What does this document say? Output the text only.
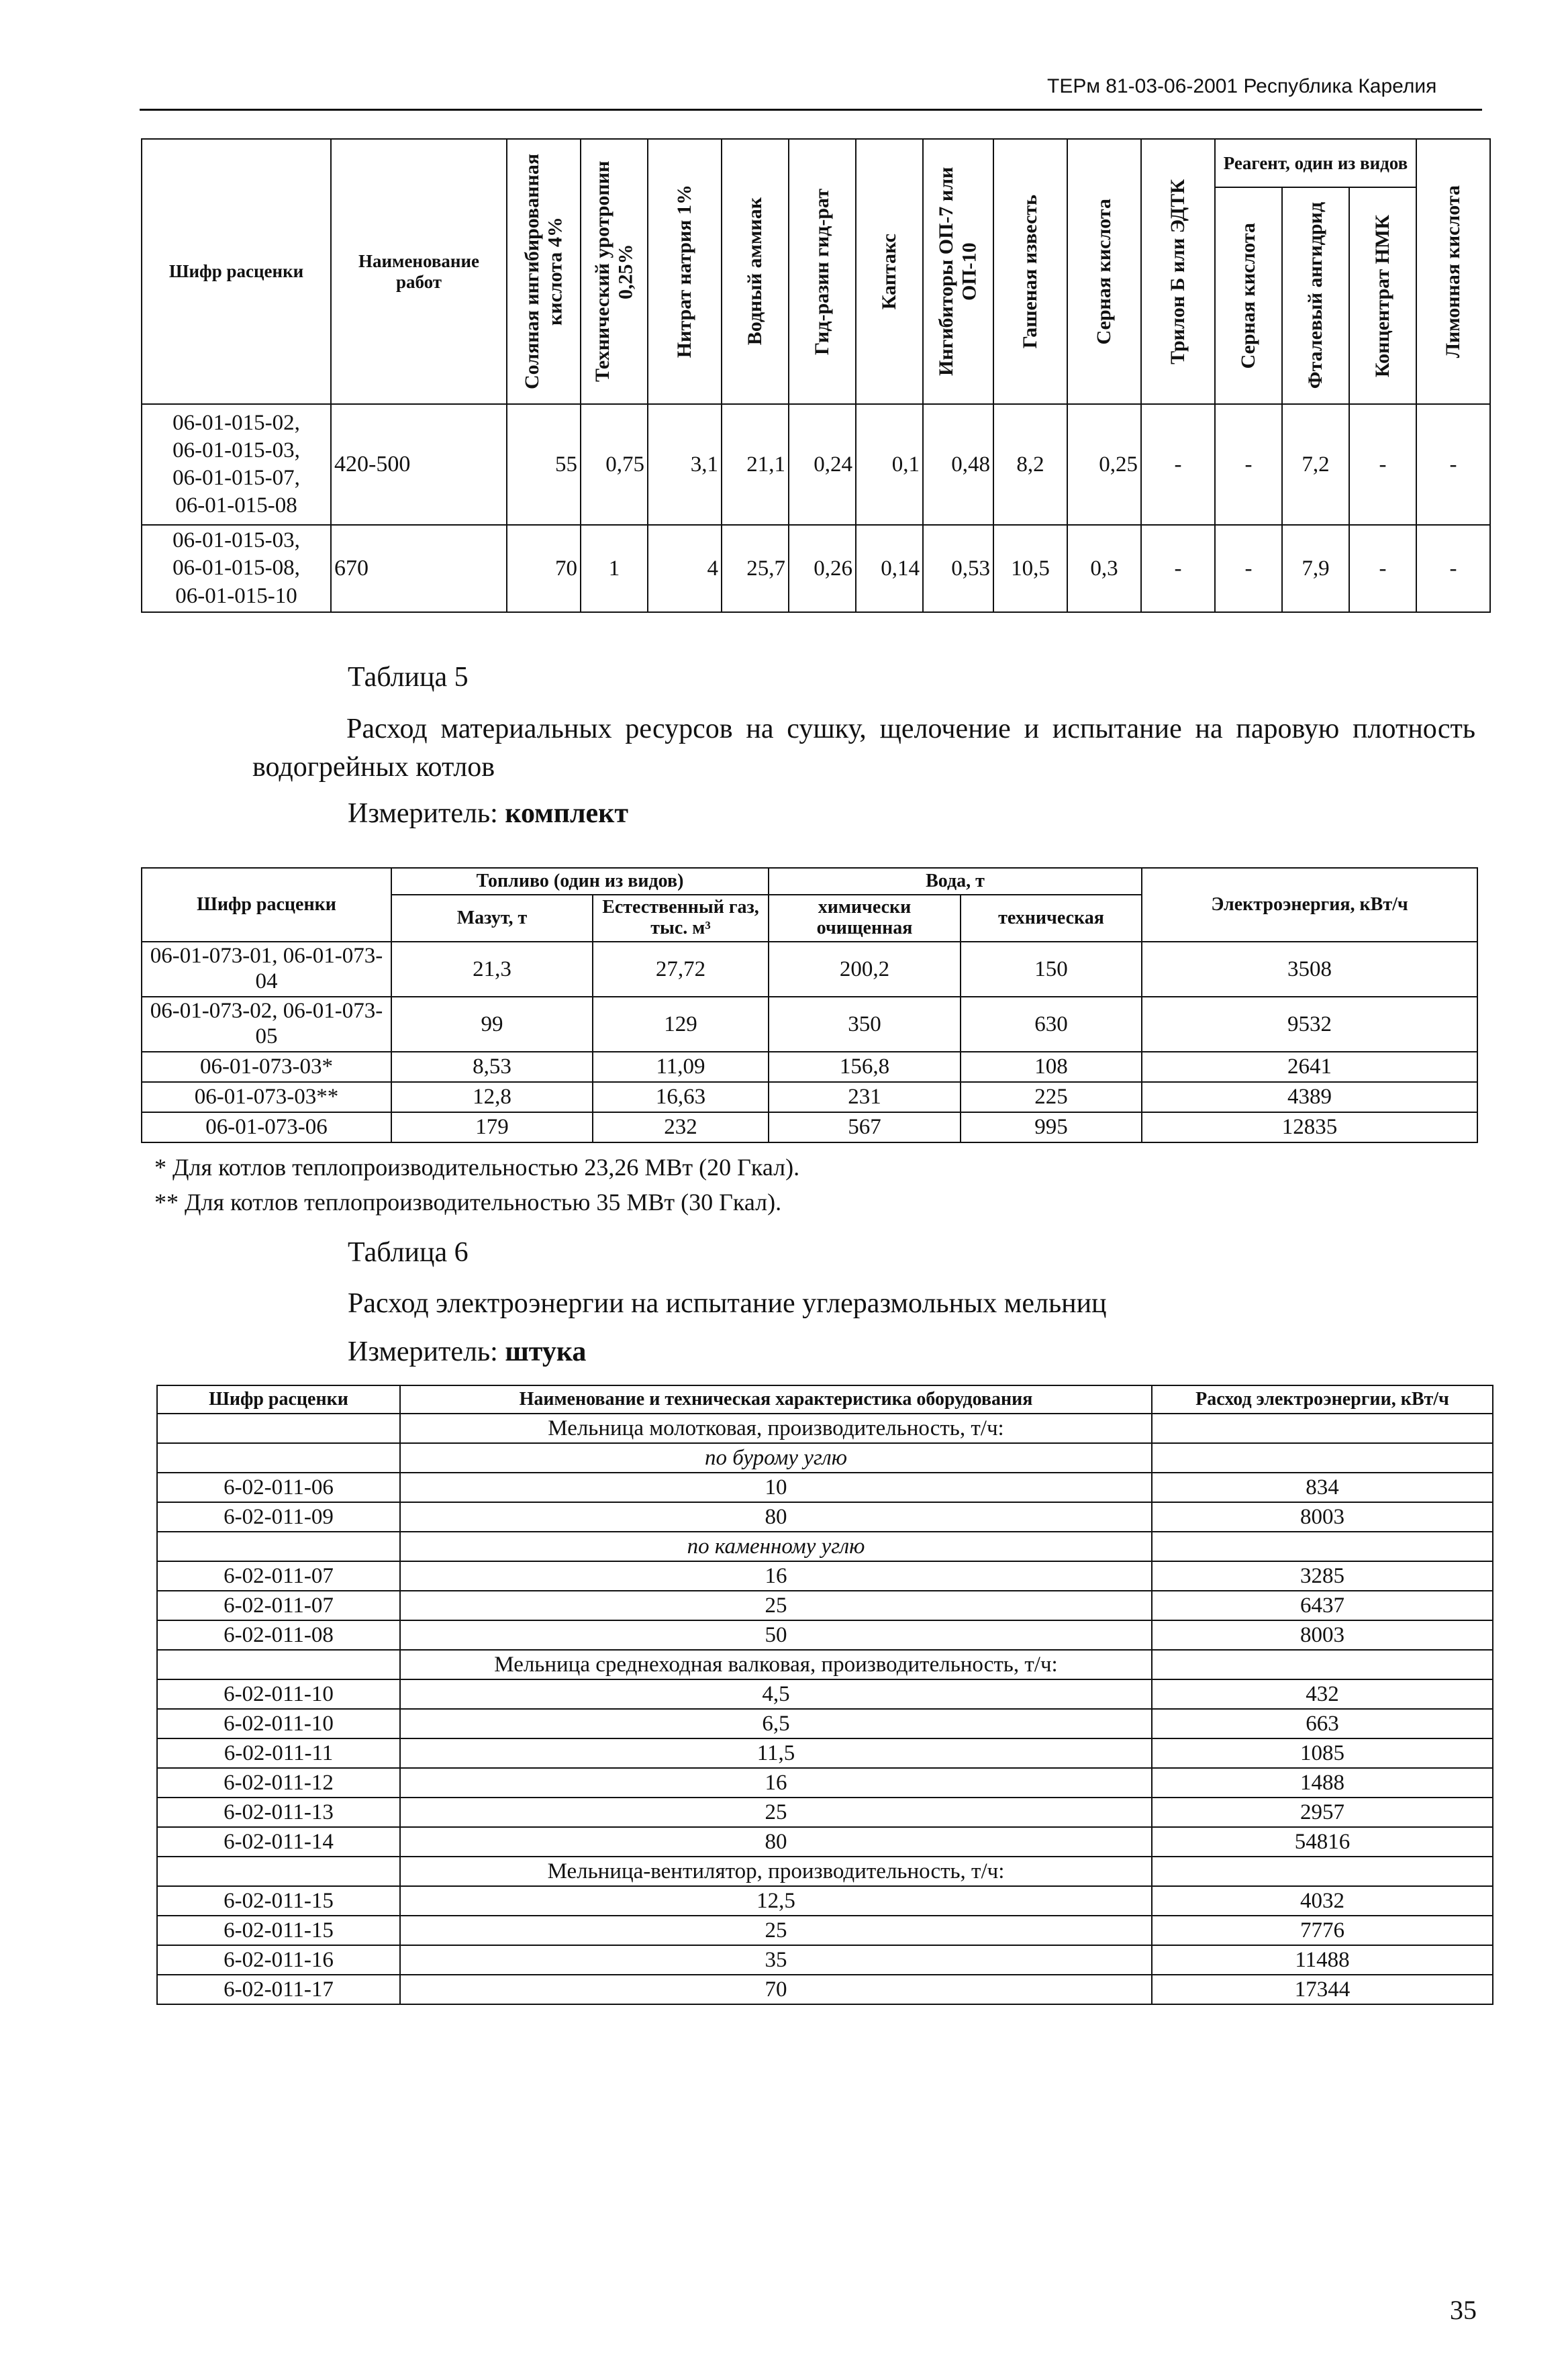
ТЕРм 81-03-06-2001 Республика Карелия
Шифр расценки	Наименование работ	Соляная ингибированная кислота 4%	Технический уротропин 0,25%	Нитрат натрия 1%	Водный аммиак	Гид-разин гид-рат	Каптакс	Ингибиторы ОП-7 или ОП-10	Гашеная известь	Серная кислота	Трилон Б или ЭДТК	Реагент, один из видов			Лимонная кислота

												Серная кислота	Фталевый ангидрид	Концентрат НМК	

06-01-015-02,
06-01-015-03,
06-01-015-07,
06-01-015-08	420-500	55	0,75	3,1	21,1	0,24	0,1	0,48	8,2	0,25	-	-	7,2	-	-

06-01-015-03,
06-01-015-08,
06-01-015-10	670	70	1	4	25,7	0,26	0,14	0,53	10,5	0,3	-	-	7,9	-	-
Таблица 5
Расход материальных ресурсов на сушку, щелочение и испытание на паровую плотность водогрейных котлов
Измеритель: комплект
Шифр расценки	Топливо (один из видов)		Вода, т		Электроэнергия, кВт/ч
	Мазут, т	Естественный газ, тыс. м³	химически очищенная	техническая	
06-01-073-01, 06-01-073-04	21,3	27,72	200,2	150	3508
06-01-073-02, 06-01-073-05	99	129	350	630	9532
06-01-073-03*	8,53	11,09	156,8	108	2641
06-01-073-03**	12,8	16,63	231	225	4389
06-01-073-06	179	232	567	995	12835
* Для котлов теплопроизводительностью 23,26 МВт (20 Гкал).
** Для котлов теплопроизводительностью 35 МВт (30 Гкал).
Таблица 6
Расход электроэнергии на испытание углеразмольных мельниц
Измеритель: штука
Шифр расценки	Наименование и техническая характеристика оборудования	Расход электроэнергии, кВт/ч
	Мельница молотковая, производительность, т/ч:	
	по бурому углю	
6-02-011-06	10	834
6-02-011-09	80	8003
	по каменному углю	
6-02-011-07	16	3285
6-02-011-07	25	6437
6-02-011-08	50	8003
	Мельница среднеходная валковая, производительность, т/ч:	
6-02-011-10	4,5	432
6-02-011-10	6,5	663
6-02-011-11	11,5	1085
6-02-011-12	16	1488
6-02-011-13	25	2957
6-02-011-14	80	54816
	Мельница-вентилятор, производительность, т/ч:	
6-02-011-15	12,5	4032
6-02-011-15	25	7776
6-02-011-16	35	11488
6-02-011-17	70	17344
35
